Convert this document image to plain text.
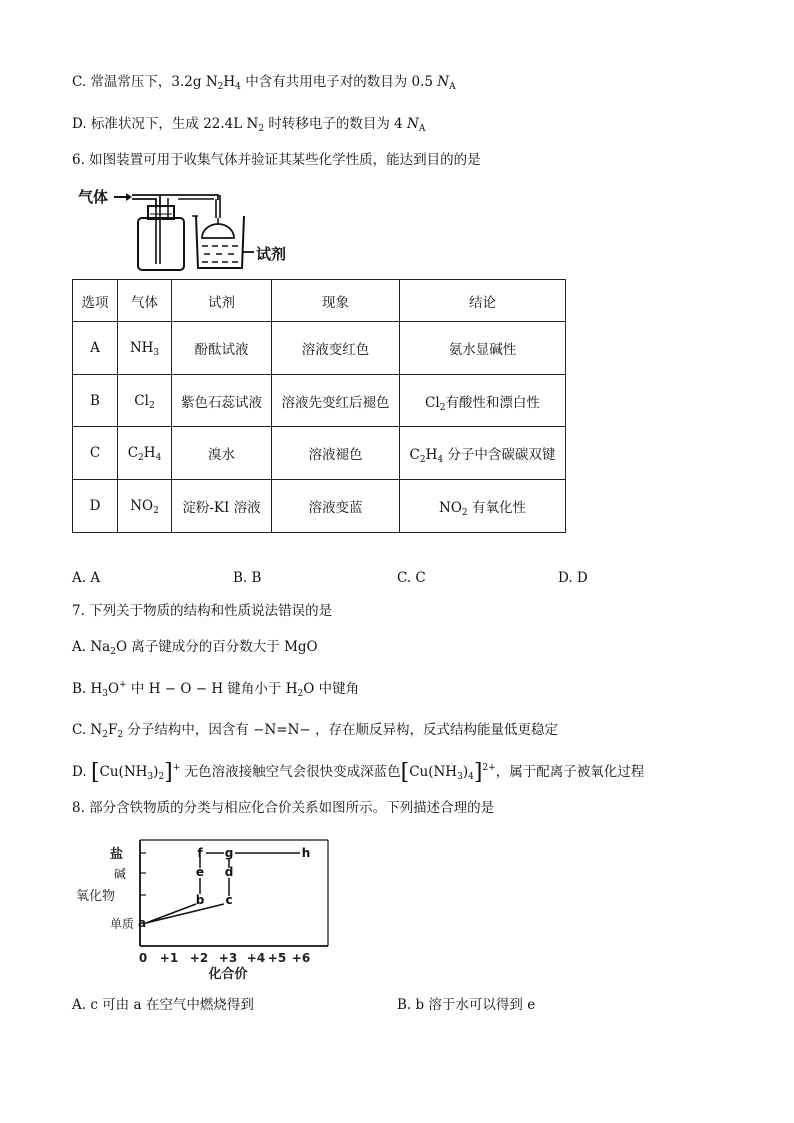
C. 常温常压下，3.2g $N_2H_4$ 中含有共用电子对的数目为 0.5 $N_A$
D. 标准状况下，生成 22.4L $N_2$ 时转移电子的数目为 4 $N_A$
6. 如图装置可用于收集气体并验证其某些化学性质，能达到目的的是
气体
试剂
选项	气体	试剂	现象	结论
A	$NH_3$	酚酞试液	溶液变红色	氨水显碱性
B	$Cl_2$	紫色石蕊试液	溶液先变红后褪色	$Cl_2$有酸性和漂白性
C	$C_2H_4$	溴水	溶液褪色	$C_2H_4$ 分子中含碳碳双键
D	$NO_2$	淀粉-KI 溶液	溶液变蓝	$NO_2$ 有氧化性
A. A	B. B	C. C	D. D
7. 下列关于物质的结构和性质说法错误的是
A. $Na_2O$ 离子键成分的百分数大于 MgO
B. $H_3O^+$ 中 H − O − H 键角小于 $H_2O$ 中键角
C. $N_2F_2$ 分子结构中，因含有 −N=N− ，存在顺反异构，反式结构能量低更稳定
D. $[Cu(NH_3)_2]^+$ 无色溶液接触空气会很快变成深蓝色$[Cu(NH_3)_4]^{2+}$，属于配离子被氧化过程
8. 部分含铁物质的分类与相应化合价关系如图所示。下列描述合理的是
盐
碱
氧化物
单质
0 +1 +2 +3 +4 +5 +6
化合价
a
b c
d
e
f g	h
A. c 可由 a 在空气中燃烧得到	B. b 溶于水可以得到 e
